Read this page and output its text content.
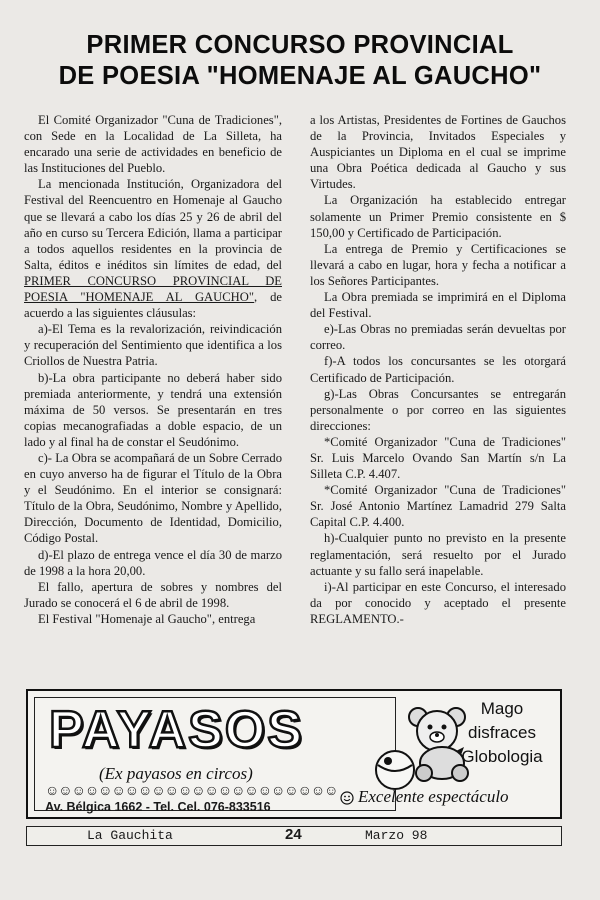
PRIMER CONCURSO PROVINCIAL
DE POESIA "HOMENAJE AL GAUCHO"

El Comité Organizador "Cuna de Tradiciones", con Sede en la Localidad de La Silleta, ha encarado una serie de actividades en beneficio de las Instituciones del Pueblo.

La mencionada Institución, Organizadora del Festival del Reencuentro en Homenaje al Gaucho que se llevará a cabo los días 25 y 26 de abril del año en curso su Tercera Edición, llama a participar a todos aquellos residentes en la provincia de Salta, éditos e inéditos sin límites de edad, del PRIMER CONCURSO PROVINCIAL DE POESIA "HOMENAJE AL GAUCHO", de acuerdo a las siguientes cláusulas:

a)-El Tema es la revalorización, reivindicación y recuperación del Sentimiento que identifica a los Criollos de Nuestra Patria.

b)-La obra participante no deberá haber sido premiada anteriormente, y tendrá una extensión máxima de 50 versos. Se presentarán en tres copias mecanografiadas a doble espacio, de un lado y al final ha de constar el Seudónimo.

c)- La Obra se acompañará de un Sobre Cerrado en cuyo anverso ha de figurar el Título de la Obra y el Seudónimo. En el interior se consignará: Título de la Obra, Seudónimo, Nombre y Apellido, Dirección, Documento de Identidad, Domicilio, Código Postal.

d)-El plazo de entrega vence el día 30 de marzo de 1998 a la hora 20,00.

El fallo, apertura de sobres y nombres del Jurado se conocerá el 6 de abril de 1998.

El Festival "Homenaje al Gaucho", entrega

a los Artistas, Presidentes de Fortines de Gauchos de la Provincia, Invitados Especiales y Auspiciantes un Diploma en el cual se imprime una Obra Poética dedicada al Gaucho y sus Virtudes.

La Organización ha establecido entregar solamente un Primer Premio consistente en $ 150,00 y Certificado de Participación.

La entrega de Premio y Certificaciones se llevará a cabo en lugar, hora y fecha a notificar a los Señores Participantes.

La Obra premiada se imprimirá en el Diploma del Festival.

e)-Las Obras no premiadas serán devueltas por correo.

f)-A todos los concursantes se les otorgará Certificado de Participación.

g)-Las Obras Concursantes se entregarán personalmente o por correo en las siguientes direcciones:

*Comité Organizador "Cuna de Tradiciones" Sr. Luis Marcelo Ovando San Martín s/n La Silleta C.P. 4.407.

*Comité Organizador "Cuna de Tradiciones" Sr. José Antonio Martínez Lamadrid 279 Salta Capital C.P. 4.400.

h)-Cualquier punto no previsto en la presente reglamentación, será resuelto por el Jurado actuante y su fallo será inapelable.

i)-Al participar en este Concurso, el interesado da por conocido y aceptado el presente REGLAMENTO.-

PAYASOS
(Ex payasos en circos)
☺☺☺☺☺☺☺☺☺☺☺☺☺☺☺☺☺☺☺☺☺☺
Av. Bélgica 1662 - Tel. Cel. 076-833516
Mago
disfraces
Globologia
Excelente espectáculo
La Gauchita	24	Marzo 98
